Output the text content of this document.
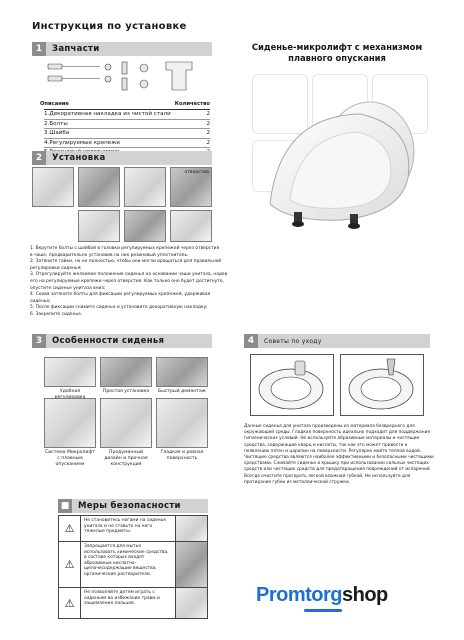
Инструкция по установке
1	Запчасти
Описание	Количество
1.Декоративная накладка из чистой стали	2
2.Болты	2
3.Шайба	2
4.Регулируемые крепежи	2
Сиденье-микролифт с механизмом
плавного опускания
2	Установка
отверстие
1. Вкрутите болты с шайбой в головки регулируемых крепежей через отверстия
в чаше, предварительно установив на них резиновый уплотнитель.
2. Затяните гайки, но не полностью, чтобы они могли вращаться для правильной
регулировки сиденья;
3. Отрегулируйте желаемое положение сиденья на основании чаши унитаза, надев
его на регулируемые крепежи через отверстия. Как только оно будет достигнуто,
опустите сиденье унитаза вниз;
4. Снова затяните болты для фиксации регулируемых крепежей, удерживая сиденье;
5. После фиксации снимите сиденье и установите декоративную накладку;
6. Закрепите сиденье.
3	Особенности сиденья
Удобная	Простая установка	Быстрый демонтаж
Система Микролифт с плавным опусканием
Продуманный дизайн и прочная конструкция
Гладкая и ровная поверхность
4	Советы по уходу
Данные сиденья для унитаза произведены из материала безвредного для
окружающей среды. Гладкая поверхность идеально подходит для поддержания
гигиенических условий. Не используйте абразивные материалы и чистящие
средства, содержащие кварц и кислоты, так как это может привести к
появлению пятен и царапин на поверхности. Регулярно мойте теплой водой.
Чистящие средства являются наиболее эффективными и безопасными чистящими
средствами. Снимайте сиденье и крышку при использовании сильных чистящих
средств или чистящих средств для предотвращения повреждений от испарений.
Всегда очистите прогорать легкой влажной губкой. Не используйте для
протирания губки из металлической стружки.
■	Меры безопасности
⚠
Не становитесь ногами на сиденье унитаза и не ставьте на него тяжелые предметы.
⚠
Запрещается для мытья использовать химические средства, в составе которых входят абразивные кислотно-щелочесодержащие вещества, органические растворители.
⚠
Не позволяйте детям играть с сиденьем во избежание травм и защемления пальцев.	Promtorgshop
